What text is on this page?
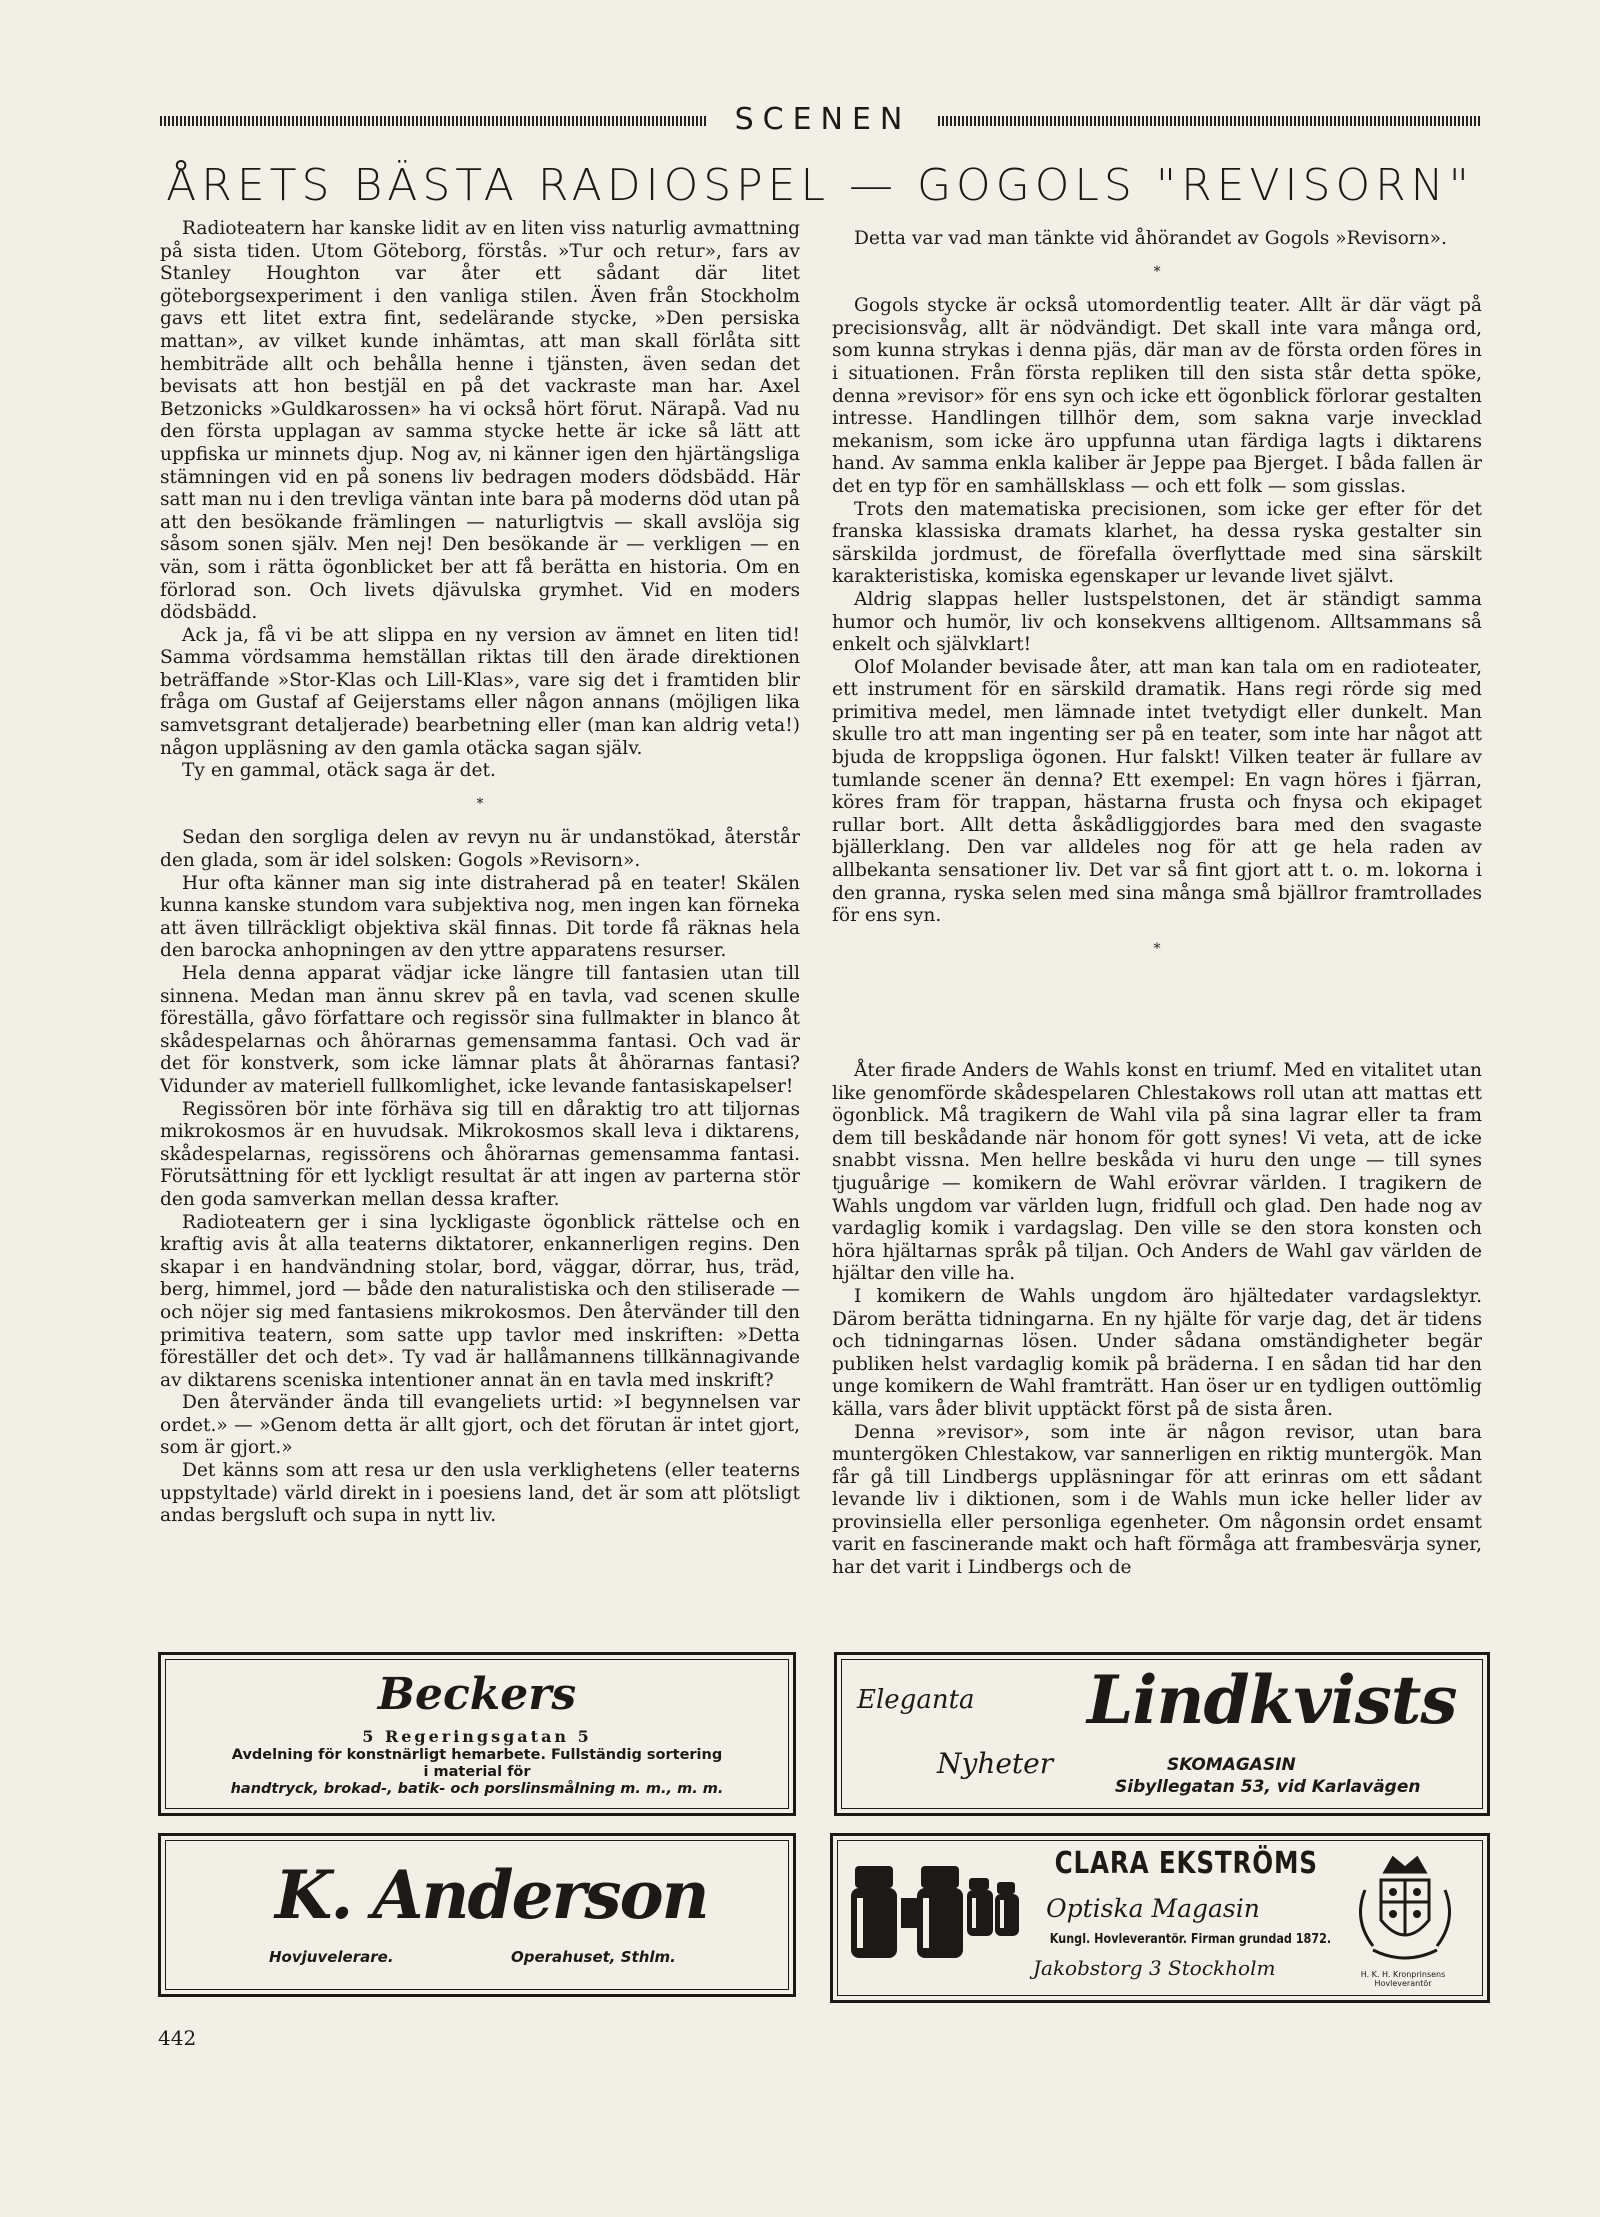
SCENEN
ÅRETS BÄSTA RADIOSPEL — GOGOLS "REVISORN"

Radioteatern har kanske lidit av en liten viss naturlig avmattning på sista tiden. Utom Göteborg, förstås. »Tur och retur», fars av Stanley Houghton var åter ett sådant där litet göteborgsexperiment i den vanliga stilen. Även från Stockholm gavs ett litet extra fint, sedelärande stycke, »Den persiska mattan», av vilket kunde inhämtas, att man skall förlåta sitt hembiträde allt och behålla henne i tjänsten, även sedan det bevisats att hon bestjäl en på det vackraste man har. Axel Betzonicks »Guldkarossen» ha vi också hört förut. Närapå. Vad nu den första upplagan av samma stycke hette är icke så lätt att uppfiska ur minnets djup. Nog av, ni känner igen den hjärtängsliga stämningen vid en på sonens liv bedragen moders dödsbädd. Här satt man nu i den trevliga väntan inte bara på moderns död utan på att den besökande främlingen — naturligtvis — skall avslöja sig såsom sonen själv. Men nej! Den besökande är — verkligen — en vän, som i rätta ögonblicket ber att få berätta en historia. Om en förlorad son. Och livets djävulska grymhet. Vid en moders dödsbädd.

Ack ja, få vi be att slippa en ny version av ämnet en liten tid! Samma vördsamma hemställan riktas till den ärade direktionen beträffande »Stor-Klas och Lill-Klas», vare sig det i framtiden blir fråga om Gustaf af Geijerstams eller någon annans (möjligen lika samvetsgrant detaljerade) bearbetning eller (man kan aldrig veta!) någon uppläsning av den gamla otäcka sagan själv.

Ty en gammal, otäck saga är det.

*

Sedan den sorgliga delen av revyn nu är undanstökad, återstår den glada, som är idel solsken: Gogols »Revisorn».

Hur ofta känner man sig inte distraherad på en teater! Skälen kunna kanske stundom vara subjektiva nog, men ingen kan förneka att även tillräckligt objektiva skäl finnas. Dit torde få räknas hela den barocka anhopningen av den yttre apparatens resurser.

Hela denna apparat vädjar icke längre till fantasien utan till sinnena. Medan man ännu skrev på en tavla, vad scenen skulle föreställa, gåvo författare och regissör sina fullmakter in blanco åt skådespelarnas och åhörarnas gemensamma fantasi. Och vad är det för konstverk, som icke lämnar plats åt åhörarnas fantasi? Vidunder av materiell fullkomlighet, icke levande fantasiskapelser!

Regissören bör inte förhäva sig till en dåraktig tro att tiljornas mikrokosmos är en huvudsak. Mikrokosmos skall leva i diktarens, skådespelarnas, regissörens och åhörarnas gemensamma fantasi. Förutsättning för ett lyckligt resultat är att ingen av parterna stör den goda samverkan mellan dessa krafter.

Radioteatern ger i sina lyckligaste ögonblick rättelse och en kraftig avis åt alla teaterns diktatorer, enkannerligen regins. Den skapar i en handvändning stolar, bord, väggar, dörrar, hus, träd, berg, himmel, jord — både den naturalistiska och den stiliserade — och nöjer sig med fantasiens mikrokosmos. Den återvänder till den primitiva teatern, som satte upp tavlor med inskriften: »Detta föreställer det och det». Ty vad är hallåmannens tillkännagivande av diktarens sceniska intentioner annat än en tavla med inskrift?

Den återvänder ända till evangeliets urtid: »I begynnelsen var ordet.» — »Genom detta är allt gjort, och det förutan är intet gjort, som är gjort.»

Det känns som att resa ur den usla verklighetens (eller teaterns uppstyltade) värld direkt in i poesiens land, det är som att plötsligt andas bergsluft och supa in nytt liv.

Detta var vad man tänkte vid åhörandet av Gogols »Revisorn».

*

Gogols stycke är också utomordentlig teater. Allt är där vägt på precisionsvåg, allt är nödvändigt. Det skall inte vara många ord, som kunna strykas i denna pjäs, där man av de första orden föres in i situationen. Från första repliken till den sista står detta spöke, denna »revisor» för ens syn och icke ett ögonblick förlorar gestalten intresse. Handlingen tillhör dem, som sakna varje invecklad mekanism, som icke äro uppfunna utan färdiga lagts i diktarens hand. Av samma enkla kaliber är Jeppe paa Bjerget. I båda fallen är det en typ för en samhällsklass — och ett folk — som gisslas.

Trots den matematiska precisionen, som icke ger efter för det franska klassiska dramats klarhet, ha dessa ryska gestalter sin särskilda jordmust, de förefalla överflyttade med sina särskilt karakteristiska, komiska egenskaper ur levande livet självt.

Aldrig slappas heller lustspelstonen, det är ständigt samma humor och humör, liv och konsekvens alltigenom. Alltsammans så enkelt och självklart!

Olof Molander bevisade åter, att man kan tala om en radioteater, ett instrument för en särskild dramatik. Hans regi rörde sig med primitiva medel, men lämnade intet tvetydigt eller dunkelt. Man skulle tro att man ingenting ser på en teater, som inte har något att bjuda de kroppsliga ögonen. Hur falskt! Vilken teater är fullare av tumlande scener än denna? Ett exempel: En vagn höres i fjärran, köres fram för trappan, hästarna frusta och fnysa och ekipaget rullar bort. Allt detta åskådliggjordes bara med den svagaste bjällerklang. Den var alldeles nog för att ge hela raden av allbekanta sensationer liv. Det var så fint gjort att t. o. m. lokorna i den granna, ryska selen med sina många små bjällror framtrollades för ens syn.

*

Åter firade Anders de Wahls konst en triumf. Med en vitalitet utan like genomförde skådespelaren Chlestakows roll utan att mattas ett ögonblick. Må tragikern de Wahl vila på sina lagrar eller ta fram dem till beskådande när honom för gott synes! Vi veta, att de icke snabbt vissna. Men hellre beskåda vi huru den unge — till synes tjuguårige — komikern de Wahl erövrar världen. I tragikern de Wahls ungdom var världen lugn, fridfull och glad. Den hade nog av vardaglig komik i vardagslag. Den ville se den stora konsten och höra hjältarnas språk på tiljan. Och Anders de Wahl gav världen de hjältar den ville ha.

I komikern de Wahls ungdom äro hjältedater vardagslektyr. Därom berätta tidningarna. En ny hjälte för varje dag, det är tidens och tidningarnas lösen. Under sådana omständigheter begär publiken helst vardaglig komik på bräderna. I en sådan tid har den unge komikern de Wahl framträtt. Han öser ur en tydligen outtömlig källa, vars åder blivit upptäckt först på de sista åren.

Denna »revisor», som inte är någon revisor, utan bara muntergöken Chlestakow, var sannerligen en riktig muntergök. Man får gå till Lindbergs uppläsningar för att erinras om ett sådant levande liv i diktionen, som i de Wahls mun icke heller lider av provinsiella eller personliga egenheter. Om någonsin ordet ensamt varit en fascinerande makt och haft förmåga att frambesvärja syner, har det varit i Lindbergs och de

Beckers
5 Regeringsgatan 5
Avdelning för konstnärligt hemarbete. Fullständig sortering
i material för
handtryck, brokad-, batik- och porslinsmålning m. m., m. m.
Eleganta
Nyheter
Lindkvists
SKOMAGASIN
Sibyllegatan 53, vid Karlavägen
K. Anderson
Hovjuvelerare.	Operahuset, Sthlm.
CLARA EKSTRÖMS
Optiska Magasin
Kungl. Hovleverantör. Firman grundad 1872.
Jakobstorg 3 Stockholm	H. K. H. Kronprinsens Hovleverantör
442
